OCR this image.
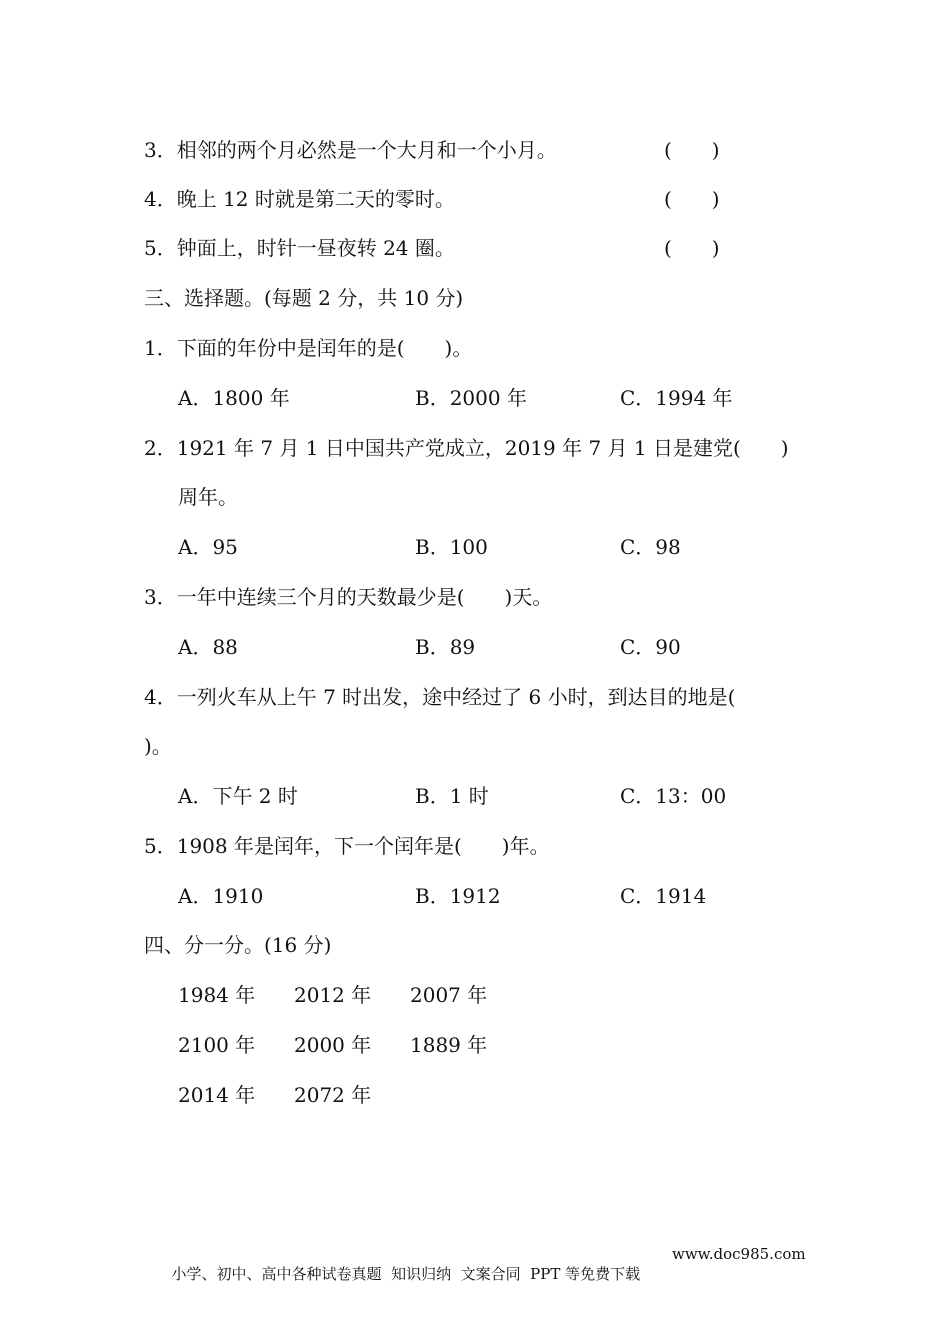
3．相邻的两个月必然是一个大月和一个小月。	(　　)
4．晚上 12 时就是第二天的零时。	(　　)
5．钟面上，时针一昼夜转 24 圈。	(　　)
三、选择题。(每题 2 分，共 10 分)
1．下面的年份中是闰年的是(　　)。
A．1800 年	B．2000 年	C．1994 年
2．1921 年 7 月 1 日中国共产党成立，2019 年 7 月 1 日是建党(　　)
周年。
A．95	B．100	C．98
3．一年中连续三个月的天数最少是(　　)天。
A．88	B．89	C．90
4．一列火车从上午 7 时出发，途中经过了 6 小时，到达目的地是(
)。
A．下午 2 时	B．1 时	C．13：00
5．1908 年是闰年，下一个闰年是(　　)年。
A．1910	B．1912	C．1914
四、分一分。(16 分)
1984 年 2012 年 2007 年
2100 年 2000 年 1889 年
2014 年 2072 年

小学、初中、高中各种试卷真题  知识归纳  文案合同  PPT 等免费下载

www.doc985.com
